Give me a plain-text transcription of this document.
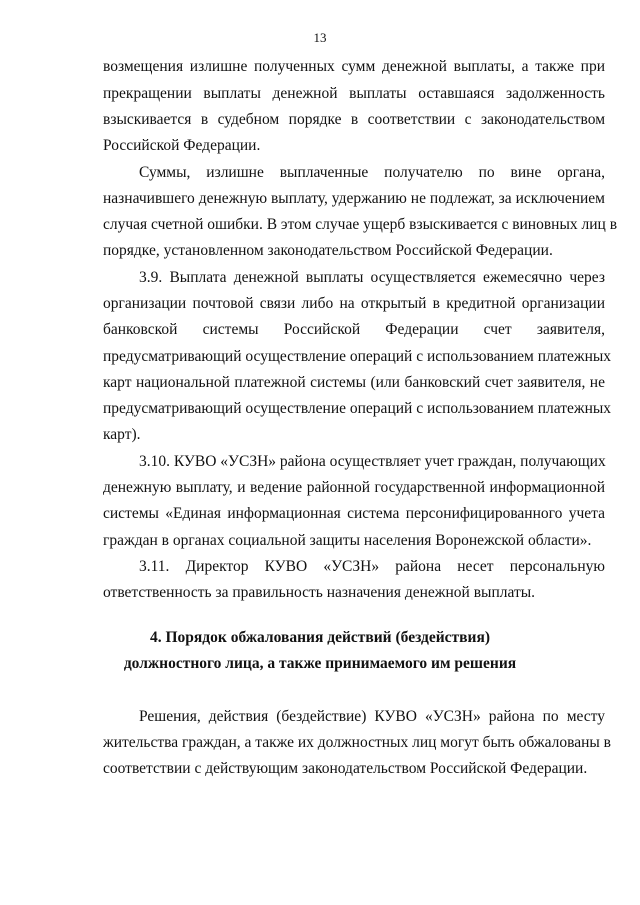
13
возмещения излишне полученных сумм денежной выплаты, а также при
прекращении выплаты денежной выплаты оставшаяся задолженность
взыскивается в судебном порядке в соответствии с законодательством
Российской Федерации.
Суммы, излишне выплаченные получателю по вине органа,
назначившего денежную выплату, удержанию не подлежат, за исключением
случая счетной ошибки. В этом случае ущерб взыскивается с виновных лиц в
порядке, установленном законодательством Российской Федерации.
3.9. Выплата денежной выплаты осуществляется ежемесячно через
организации почтовой связи либо на открытый в кредитной организации
банковской системы Российской Федерации счет заявителя,
предусматривающий осуществление операций с использованием платежных
карт национальной платежной системы (или банковский счет заявителя, не
предусматривающий осуществление операций с использованием платежных
карт).
3.10. КУВО «УСЗН» района осуществляет учет граждан, получающих
денежную выплату, и ведение районной государственной информационной
системы «Единая информационная система персонифицированного учета
граждан в органах социальной защиты населения Воронежской области».
3.11. Директор КУВО «УСЗН» района несет персональную
ответственность за правильность назначения денежной выплаты.
4. Порядок обжалования действий (бездействия)
должностного лица, а также принимаемого им решения
Решения, действия (бездействие) КУВО «УСЗН» района по месту
жительства граждан, а также их должностных лиц могут быть обжалованы в
соответствии с действующим законодательством Российской Федерации.
